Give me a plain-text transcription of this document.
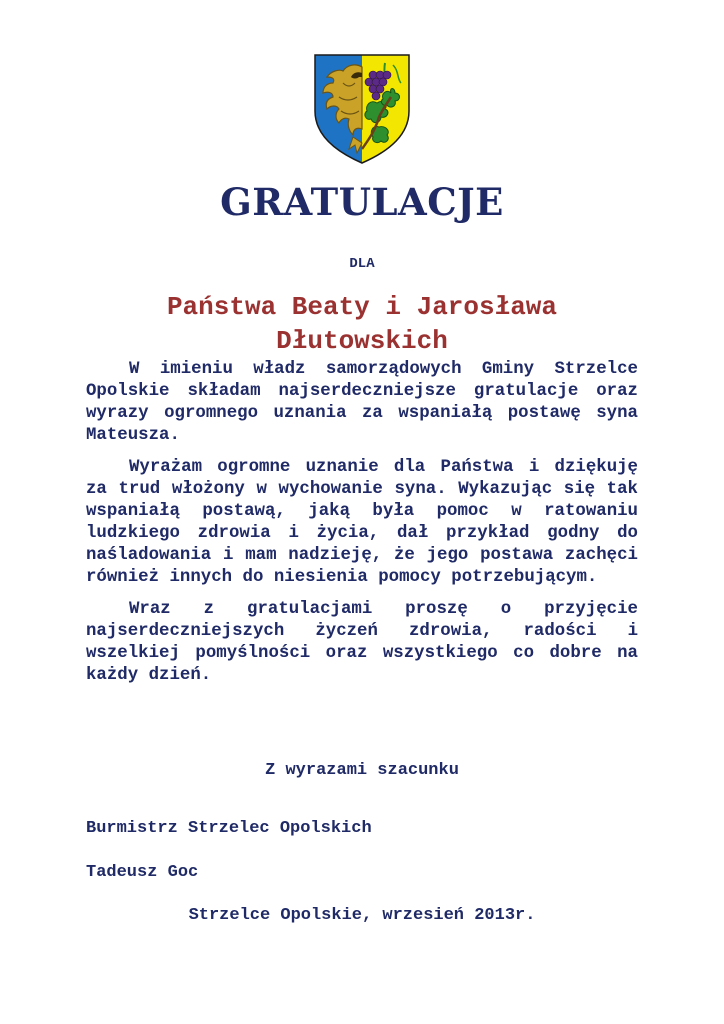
GRATULACJE
DLA
Państwa Beaty i Jarosława
Dłutowskich

W imieniu władz samorządowych Gminy Strzelce Opolskie składam najserdeczniejsze gratulacje oraz wyrazy ogromnego uznania za wspaniałą postawę syna Mateusza.

Wyrażam ogromne uznanie dla Państwa i dziękuję za trud włożony w wychowanie syna. Wykazując się tak wspaniałą postawą, jaką była pomoc w ratowaniu ludzkiego zdrowia i życia, dał przykład godny do naśladowania i mam nadzieję, że jego postawa zachęci również innych do niesienia pomocy potrzebującym.

Wraz z gratulacjami proszę o przyjęcie najserdeczniejszych życzeń zdrowia, radości i wszelkiej pomyślności oraz wszystkiego co dobre na każdy dzień.

Z wyrazami szacunku
Burmistrz Strzelec Opolskich
Tadeusz Goc
Strzelce Opolskie, wrzesień 2013r.
